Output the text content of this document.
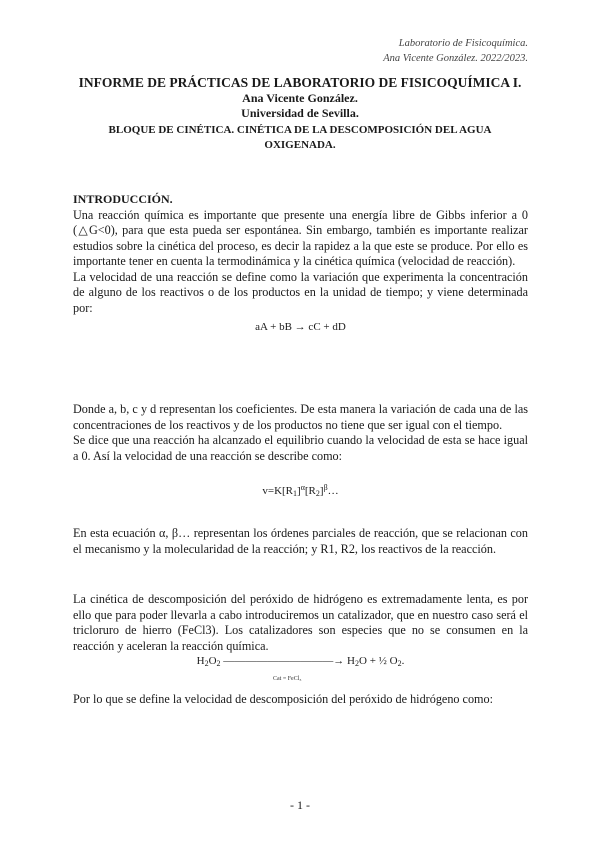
Laboratorio de Fisicoquímica.
Ana Vicente González. 2022/2023.
INFORME DE PRÁCTICAS DE LABORATORIO DE FISICOQUÍMICA I.
Ana Vicente González.
Universidad de Sevilla.
BLOQUE DE CINÉTICA. CINÉTICA DE LA DESCOMPOSICIÓN DEL AGUA OXIGENADA.
INTRODUCCIÓN.
Una reacción química es importante que presente una energía libre de Gibbs inferior a 0 (△G<0), para que esta pueda ser espontánea. Sin embargo, también es importante realizar estudios sobre la cinética del proceso, es decir la rapidez a la que este se produce. Por ello es importante tener en cuenta la termodinámica y la cinética química (velocidad de reacción).
La velocidad de una reacción se define como la variación que experimenta la concentración de alguno de los reactivos o de los productos en la unidad de tiempo; y viene determinada por:
aA + bB → cC + dD
Donde a, b, c y d representan los coeficientes. De esta manera la variación de cada una de las concentraciones de los reactivos y de los productos no tiene que ser igual con el tiempo.
Se dice que una reacción ha alcanzado el equilibrio cuando la velocidad de esta se hace igual a 0. Así la velocidad de una reacción se describe como:
$v=K[R_1]^\alpha[R_2]^\beta\dots$
En esta ecuación α, β… representan los órdenes parciales de reacción, que se relacionan con el mecanismo y la molecularidad de la reacción; y R1, R2, los reactivos de la reacción.
La cinética de descomposición del peróxido de hidrógeno es extremadamente lenta, es por ello que para poder llevarla a cabo introduciremos un catalizador, que en nuestro caso será el tricloruro de hierro (FeCl3). Los catalizadores son especies que no se consumen en la reacción y aceleran la reacción química.
$H_2O_2$ ——————————→ $H_2O$ + ½ $O_2$.
Cat = FeCl₃
Por lo que se define la velocidad de descomposición del peróxido de hidrógeno como:
- 1 -
